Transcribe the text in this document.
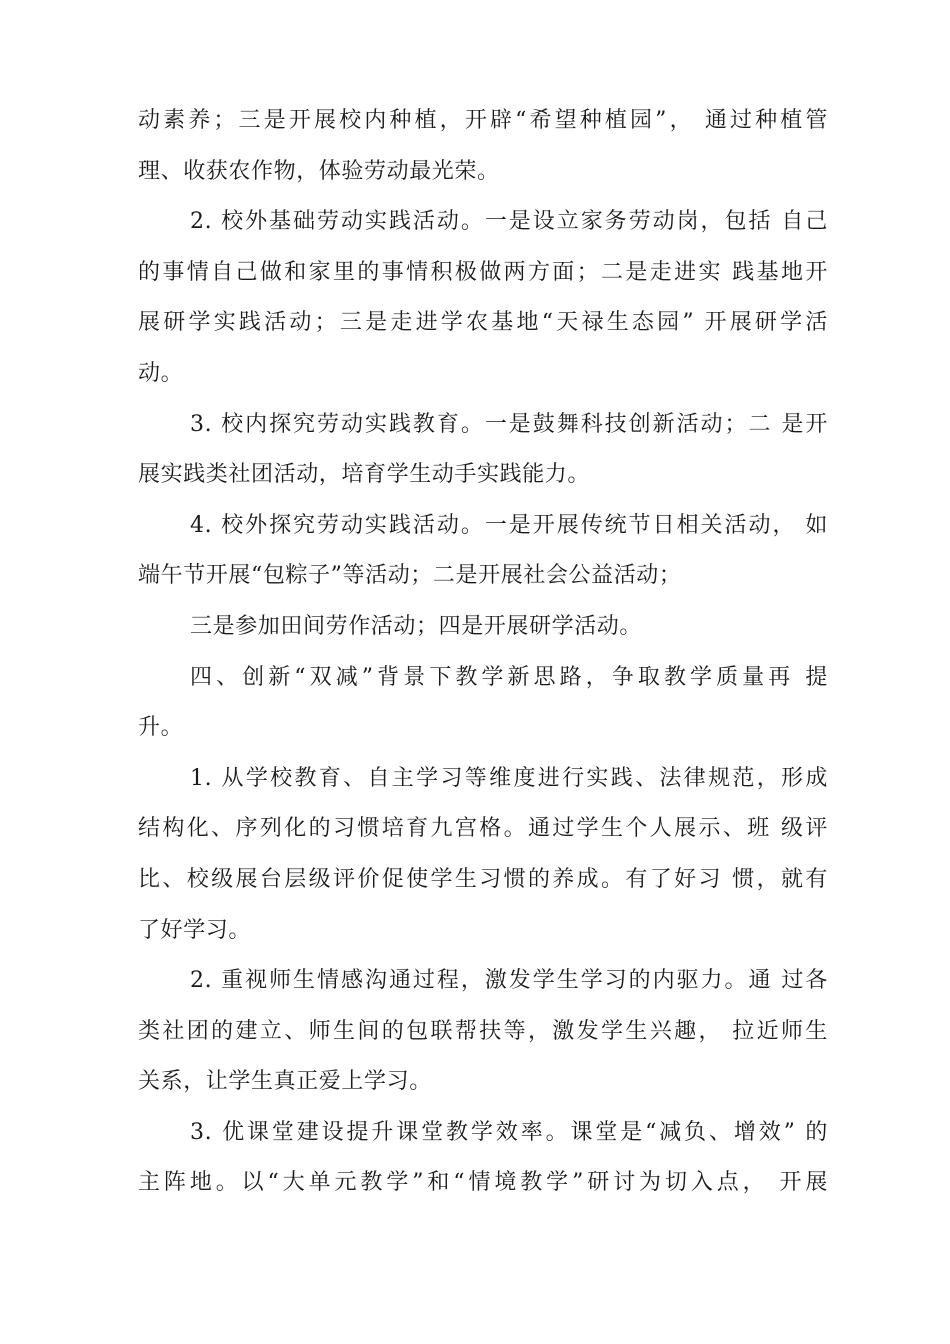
动素养；三是开展校内种植，开辟“希望种植园”， 通过种植管
理、收获农作物，体验劳动最光荣。
2. 校外基础劳动实践活动。一是设立家务劳动岗，包括 自己
的事情自己做和家里的事情积极做两方面；二是走进实 践基地开
展研学实践活动；三是走进学农基地“天禄生态园” 开展研学活
动。
3. 校内探究劳动实践教育。一是鼓舞科技创新活动；二 是开
展实践类社团活动，培育学生动手实践能力。
4. 校外探究劳动实践活动。一是开展传统节日相关活动， 如
端午节开展“包粽子”等活动；二是开展社会公益活动；
三是参加田间劳作活动；四是开展研学活动。
四、创新“双减”背景下教学新思路，争取教学质量再 提
升。
1. 从学校教育、自主学习等维度进行实践、法律规范，形成
结构化、序列化的习惯培育九宫格。通过学生个人展示、班 级评
比、校级展台层级评价促使学生习惯的养成。有了好习 惯，就有
了好学习。
2. 重视师生情感沟通过程，激发学生学习的内驱力。通 过各
类社团的建立、师生间的包联帮扶等，激发学生兴趣， 拉近师生
关系，让学生真正爱上学习。
3. 优课堂建设提升课堂教学效率。课堂是“减负、增效” 的
主阵地。以“大单元教学”和“情境教学”研讨为切入点， 开展
